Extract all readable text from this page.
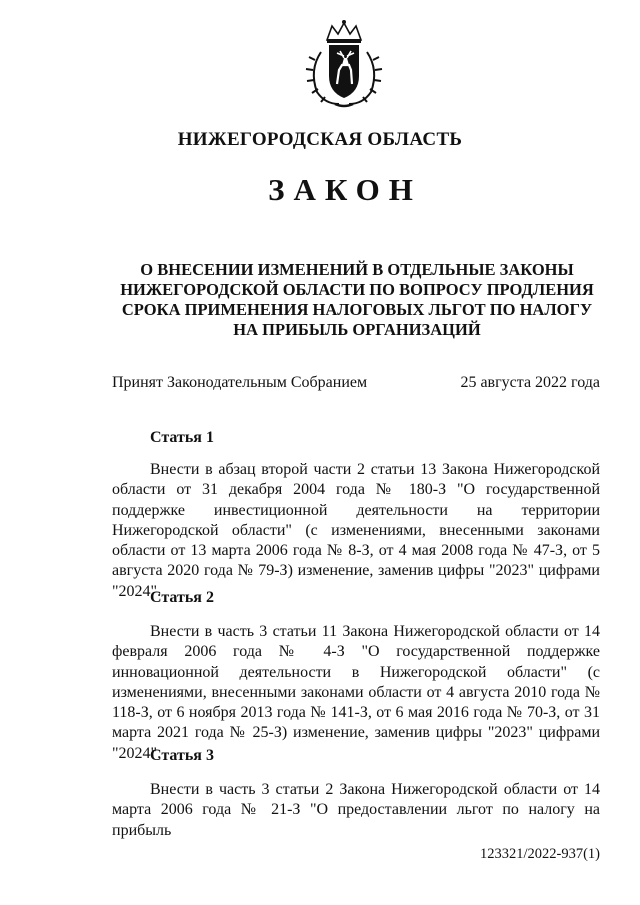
НИЖЕГОРОДСКАЯ ОБЛАСТЬ
ЗАКОН
О ВНЕСЕНИИ ИЗМЕНЕНИЙ В ОТДЕЛЬНЫЕ ЗАКОНЫ НИЖЕГОРОДСКОЙ ОБЛАСТИ ПО ВОПРОСУ ПРОДЛЕНИЯ СРОКА ПРИМЕНЕНИЯ НАЛОГОВЫХ ЛЬГОТ ПО НАЛОГУ НА ПРИБЫЛЬ ОРГАНИЗАЦИЙ
Принят Законодательным Собранием	25 августа 2022 года
Статья 1

Внести в абзац второй части 2 статьи 13 Закона Нижегородской области от 31 декабря 2004 года № 180-З "О государственной поддержке инвестиционной деятельности на территории Нижегородской области" (с изменениями, внесенными законами области от 13 марта 2006 года № 8-З, от 4 мая 2008 года № 47-З, от 5 августа 2020 года № 79-З) изменение, заменив цифры "2023" цифрами "2024".

Статья 2

Внести в часть 3 статьи 11 Закона Нижегородской области от 14 февраля 2006 года № 4-З "О государственной поддержке инновационной деятельности в Нижегородской области" (с изменениями, внесенными законами области от 4 августа 2010 года № 118-З, от 6 ноября 2013 года № 141-З, от 6 мая 2016 года № 70-З, от 31 марта 2021 года № 25-З) изменение, заменив цифры "2023" цифрами "2024".

Статья 3

Внести в часть 3 статьи 2 Закона Нижегородской области от 14 марта 2006 года № 21-З "О предоставлении льгот по налогу на прибыль

123321/2022-937(1)
